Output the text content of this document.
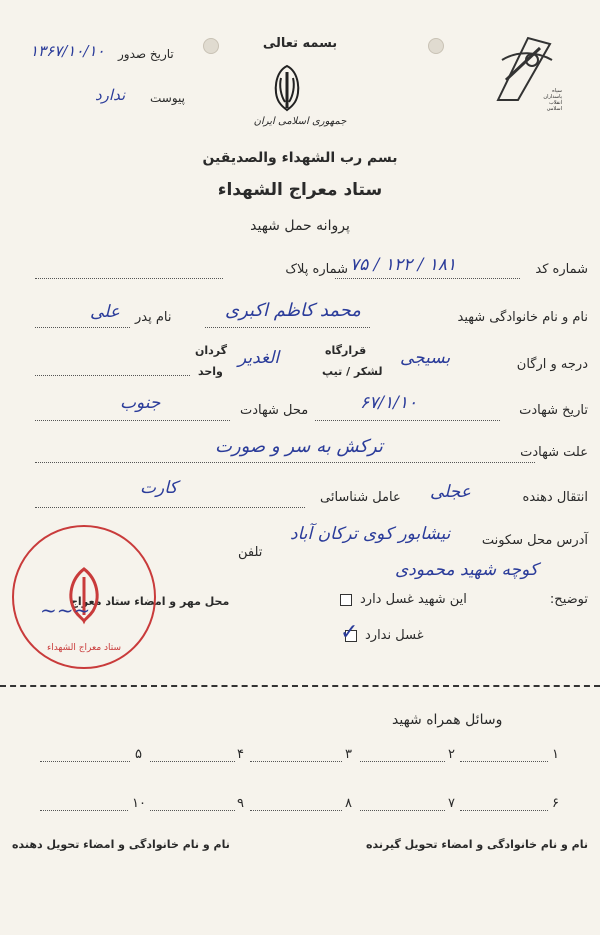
بسمه تعالی
تاریخ صدور
۱۳۶۷/۱۰/۱۰
پیوست
ندارد
جمهوری اسلامی ایران
سپاه پاسداران انقلاب اسلامی
بسم رب الشهداء والصدیقین
ستاد معراج الشهداء
پروانه حمل شهید
شماره کد
شماره پلاک ۱۸۱ / ۱۲۲ / ۷۵
نام و نام خانوادگی شهید
محمد کاظم اکبری
نام پدر
علی
درجه و ارگان
بسیجی
قرارگاه
لشکر / تیپ
الغدیر
گردان
واحد
تاریخ شهادت
۶۷/۱/۱۰
محل شهادت
جنوب
علت شهادت
ترکش به سر و صورت
انتقال دهنده
عجلی
عامل شناسائی
کارت
آدرس محل سکونت
نیشابور کوی ترکان آباد
تلفن
کوچه شهید محمودی
توضیح:
این شهید غسل دارد
غسل ندارد
✓
محل مهر و امضاء ستاد معراج
ستاد معراج الشهداء
~~~
وسائل همراه شهید
۱
۲
۳
۴
۵
۶
۷
۸
۹
۱۰
نام و نام خانوادگی و امضاء تحویل گیرنده
نام و نام خانوادگی و امضاء تحویل دهنده
